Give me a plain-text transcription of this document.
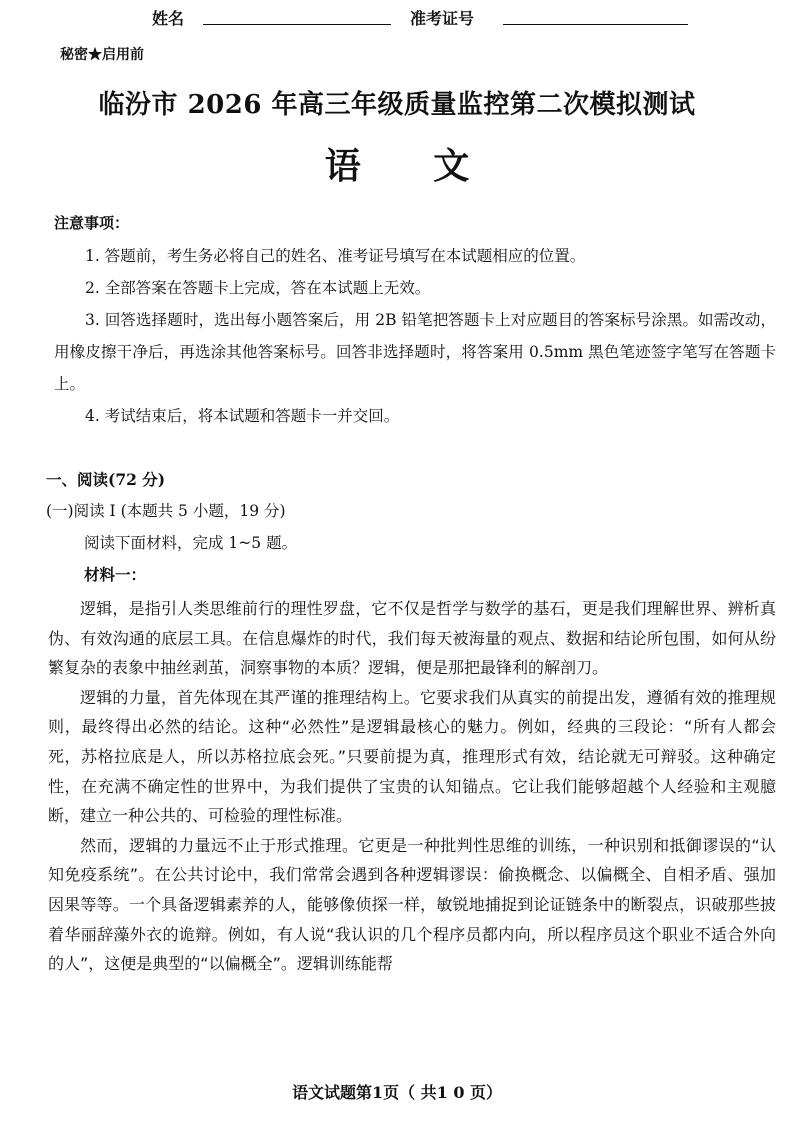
姓名	准考证号
秘密★启用前
临汾市 2026 年高三年级质量监控第二次模拟测试
语 文
注意事项：

1. 答题前，考生务必将自己的姓名、准考证号填写在本试题相应的位置。

2. 全部答案在答题卡上完成，答在本试题上无效。

3. 回答选择题时，选出每小题答案后，用 2B 铅笔把答题卡上对应题目的答案标号涂黑。如需改动，用橡皮擦干净后，再选涂其他答案标号。回答非选择题时，将答案用 0.5mm 黑色笔迹签字笔写在答题卡上。

4. 考试结束后，将本试题和答题卡一并交回。

一、阅读(72 分)
(一)阅读 I (本题共 5 小题，19 分)
阅读下面材料，完成 1~5 题。
材料一：

逻辑，是指引人类思维前行的理性罗盘，它不仅是哲学与数学的基石，更是我们理解世界、辨析真伪、有效沟通的底层工具。在信息爆炸的时代，我们每天被海量的观点、数据和结论所包围，如何从纷繁复杂的表象中抽丝剥茧，洞察事物的本质？逻辑，便是那把最锋利的解剖刀。

逻辑的力量，首先体现在其严谨的推理结构上。它要求我们从真实的前提出发，遵循有效的推理规则，最终得出必然的结论。这种“必然性”是逻辑最核心的魅力。例如，经典的三段论：“所有人都会死，苏格拉底是人，所以苏格拉底会死。”只要前提为真，推理形式有效，结论就无可辩驳。这种确定性，在充满不确定性的世界中，为我们提供了宝贵的认知锚点。它让我们能够超越个人经验和主观臆断，建立一种公共的、可检验的理性标准。

然而，逻辑的力量远不止于形式推理。它更是一种批判性思维的训练，一种识别和抵御谬误的“认知免疫系统”。在公共讨论中，我们常常会遇到各种逻辑谬误：偷换概念、以偏概全、自相矛盾、强加因果等等。一个具备逻辑素养的人，能够像侦探一样，敏锐地捕捉到论证链条中的断裂点，识破那些披着华丽辞藻外衣的诡辩。例如，有人说“我认识的几个程序员都内向，所以程序员这个职业不适合外向的人”，这便是典型的“以偏概全”。逻辑训练能帮

语文试题第1页（ 共1 0 页）
